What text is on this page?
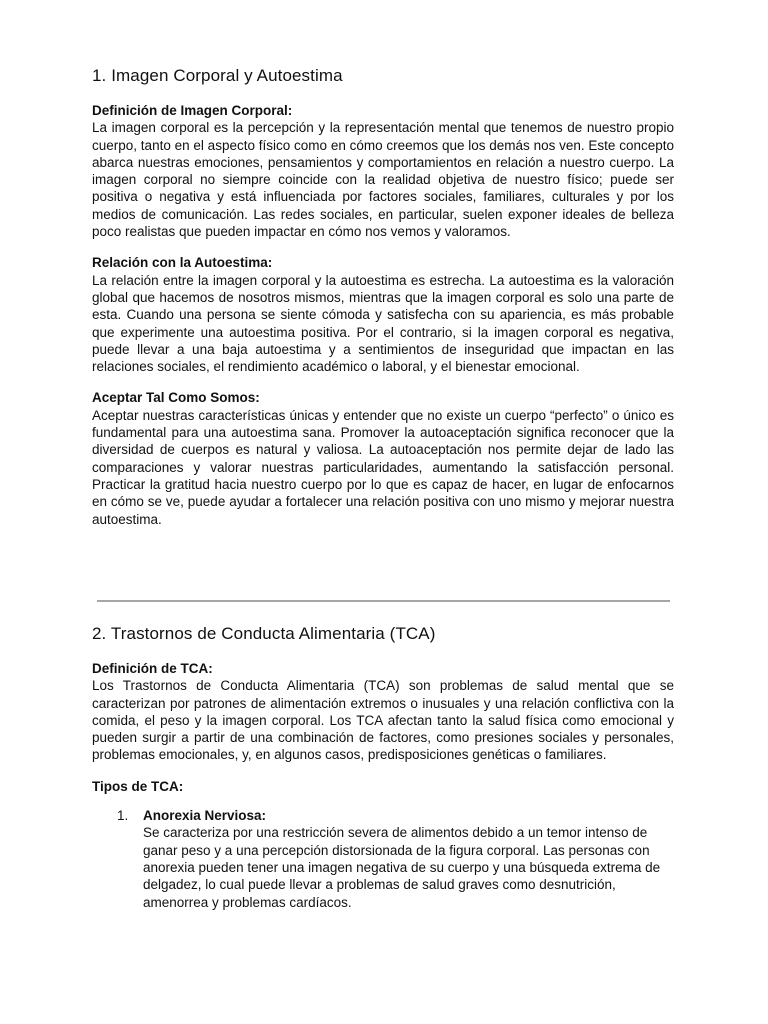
1. Imagen Corporal y Autoestima

Definición de Imagen Corporal:

La imagen corporal es la percepción y la representación mental que tenemos de nuestro propio cuerpo, tanto en el aspecto físico como en cómo creemos que los demás nos ven. Este concepto abarca nuestras emociones, pensamientos y comportamientos en relación a nuestro cuerpo. La imagen corporal no siempre coincide con la realidad objetiva de nuestro físico; puede ser positiva o negativa y está influenciada por factores sociales, familiares, culturales y por los medios de comunicación. Las redes sociales, en particular, suelen exponer ideales de belleza poco realistas que pueden impactar en cómo nos vemos y valoramos.

Relación con la Autoestima:

La relación entre la imagen corporal y la autoestima es estrecha. La autoestima es la valoración global que hacemos de nosotros mismos, mientras que la imagen corporal es solo una parte de esta. Cuando una persona se siente cómoda y satisfecha con su apariencia, es más probable que experimente una autoestima positiva. Por el contrario, si la imagen corporal es negativa, puede llevar a una baja autoestima y a sentimientos de inseguridad que impactan en las relaciones sociales, el rendimiento académico o laboral, y el bienestar emocional.

Aceptar Tal Como Somos:

Aceptar nuestras características únicas y entender que no existe un cuerpo “perfecto” o único es fundamental para una autoestima sana. Promover la autoaceptación significa reconocer que la diversidad de cuerpos es natural y valiosa. La autoaceptación nos permite dejar de lado las comparaciones y valorar nuestras particularidades, aumentando la satisfacción personal. Practicar la gratitud hacia nuestro cuerpo por lo que es capaz de hacer, en lugar de enfocarnos en cómo se ve, puede ayudar a fortalecer una relación positiva con uno mismo y mejorar nuestra autoestima.

2. Trastornos de Conducta Alimentaria (TCA)

Definición de TCA:

Los Trastornos de Conducta Alimentaria (TCA) son problemas de salud mental que se caracterizan por patrones de alimentación extremos o inusuales y una relación conflictiva con la comida, el peso y la imagen corporal. Los TCA afectan tanto la salud física como emocional y pueden surgir a partir de una combinación de factores, como presiones sociales y personales, problemas emocionales, y, en algunos casos, predisposiciones genéticas o familiares.

Tipos de TCA:

1.	Anorexia Nerviosa:

Se caracteriza por una restricción severa de alimentos debido a un temor intenso de ganar peso y a una percepción distorsionada de la figura corporal. Las personas con anorexia pueden tener una imagen negativa de su cuerpo y una búsqueda extrema de delgadez, lo cual puede llevar a problemas de salud graves como desnutrición, amenorrea y problemas cardíacos.
